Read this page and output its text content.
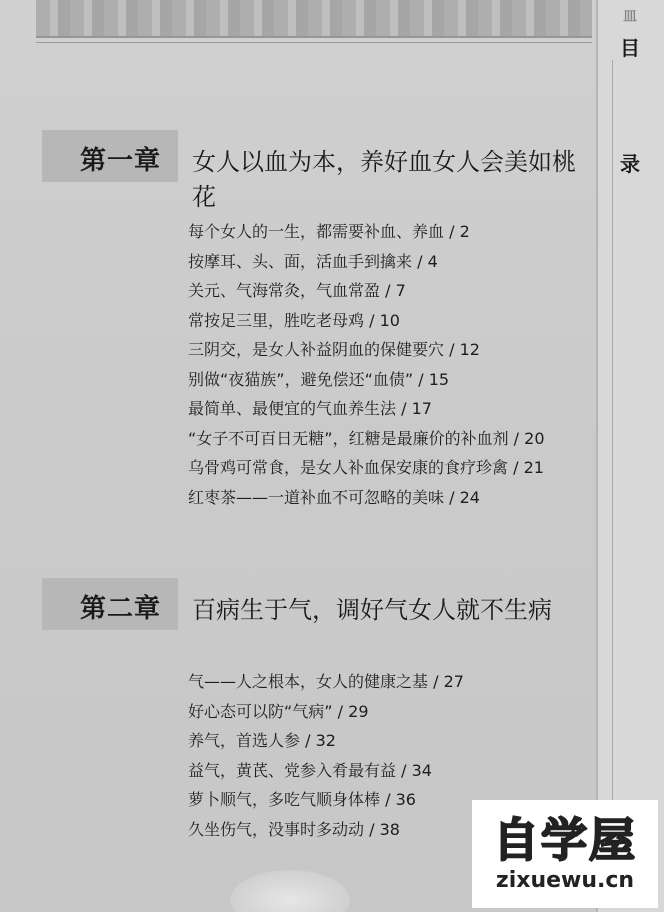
皿
目
录
第一章 女人以血为本，养好血女人会美如桃花
每个女人的一生，都需要补血、养血 / 2
按摩耳、头、面，活血手到擒来 / 4
关元、气海常灸，气血常盈 / 7
常按足三里，胜吃老母鸡 / 10
三阴交，是女人补益阴血的保健要穴 / 12
别做“夜猫族”，避免偿还“血债” / 15
最简单、最便宜的气血养生法 / 17
“女子不可百日无糖”，红糖是最廉价的补血剂 / 20
乌骨鸡可常食，是女人补血保安康的食疗珍禽 / 21
红枣茶——一道补血不可忽略的美味 / 24
第二章 百病生于气，调好气女人就不生病
气——人之根本，女人的健康之基 / 27
好心态可以防“气病” / 29
养气，首选人参 / 32
益气，黄芪、党参入肴最有益 / 34
萝卜顺气，多吃气顺身体棒 / 36
久坐伤气，没事时多动动 / 38	自学屋
zixuewu.cn
